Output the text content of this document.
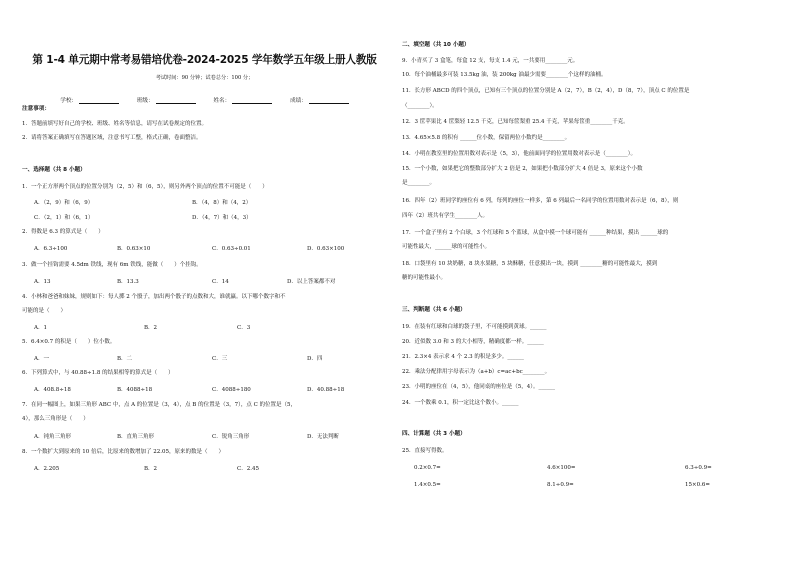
第 1-4 单元期中常考易错培优卷-2024-2025 学年数学五年级上册人教版
考试时间：90 分钟；试卷总分：100 分；
学校：	班级：	姓名：	成绩：
注意事项：
1．答题前填写好自己的学校、班级、姓名等信息，请写在试卷规定的位置。
2．请将答案正确填写在答题区域，注意书写工整，格式正确，卷面整洁。
一、选择题（共 8 小题）
1．一个正方形两个顶点的位置分别为（2，5）和（6，5），则另外两个顶点的位置不可能是（　　）
A．（2，9）和（6，9）	B．（4，8）和（4，2）
C．（2，1）和（6，1）	D．（4，7）和（4，3）
2．得数是 6.3 的算式是（　　）
A．6.3÷100	B．0.63×10	C．0.63÷0.01	D．0.63×100
3．做一个挂钩需要 4.5dm 铁线，现有 6m 铁线，能做（　　）个挂钩。
A．13	B．13.3	C．14	D．以上答案都不对
4．小林和爸爸和妹妹，规则如下：每人掷 2 个骰子，加出两个骰子的点数和大，谁就赢。以下哪个数字和不
可能的是（　　）
A．1	B．2	C．3
5．6.4×0.7 的积是（　　）位小数。
A．一	B．二	C．三	D．四
6．下列算式中，与 40.88÷1.8 的结果相等的算式是（　　）
A．408.8÷18	B．4088÷18	C．4088÷180	D．40.88÷18
7．在同一幅图上，如果三角形 ABC 中，点 A 的位置是（3，4），点 B 的位置是（3，7），点 C 的位置是（5，
4），那么三角形是（　　）
A．钝角三角形	B．直角三角形	C．锐角三角形	D．无法判断
8．一个数扩大到原来的 10 倍后，比原来的数增加了 22.05，原来的数是（　　）
A．2.205	B．2	C．2.45
二、填空题（共 10 小题）
9．小青买了 3 盒笔，每盒 12 支，每支 1.4 元，一共要用________元。
10．每个油桶最多可装 13.5kg 油，装 200kg 油最少需要________个这样的油桶。
11．长方形 ABCD 的四个顶点，已知有三个顶点的位置分别是 A（2，7），B（2，4），D（8，7），顶点 C 的位置是
（________）。
12．3 筐苹果比 4 筐梨轻 12.5 千克，已知每筐梨重 25.4 千克，苹果每筐重________千克。
13．4.65×5.8 的积有 ______位小数，保留两位小数约是________。
14．小明在教室里的位置用数对表示是（5，3），他前面同学的位置用数对表示是（________）。
15．一个小数，如果把它的整数部分扩大 2 倍是 2，如果把小数部分扩大 4 倍是 3，原来这个小数
是________。
16．四年（2）班同学的座位有 6 列，每列的座位一样多，第 6 列最后一名同学的位置用数对表示是（6，8），则
四年（2）班共有学生________人。
17．一个盒子里有 2 个白球，3 个红球和 5 个蓝球，从盒中摸一个球可能有 ______种结果，摸出 ______球的
可能性最大，______球的可能性小。
18．口袋里有 10 块奶糖，8 块水果糖，5 块酥糖，任意摸出一块，摸到 ________糖的可能性最大，摸到
糖的可能性最小。
三、判断题（共 6 小题）
19．在装有红球和白球的袋子里，不可能摸到黄球。______
20．近似数 3.0 和 3 的大小相等，精确度都一样。______
21．2.3×4 表示求 4 个 2.3 的积是多少。______
22．乘法分配律用字母表示为（a+b）c=ac+bc________。
23．小明的座位在（4，5），他同桌的座位是（5，4）。______
24．一个数乘 0.1，积一定比这个数小。______
四、计算题（共 3 小题）
25．直接写得数。
0.2×0.7=	4.6×100=	6.3÷0.9=
1.4×0.5=	8.1÷0.9=	15×0.6=
